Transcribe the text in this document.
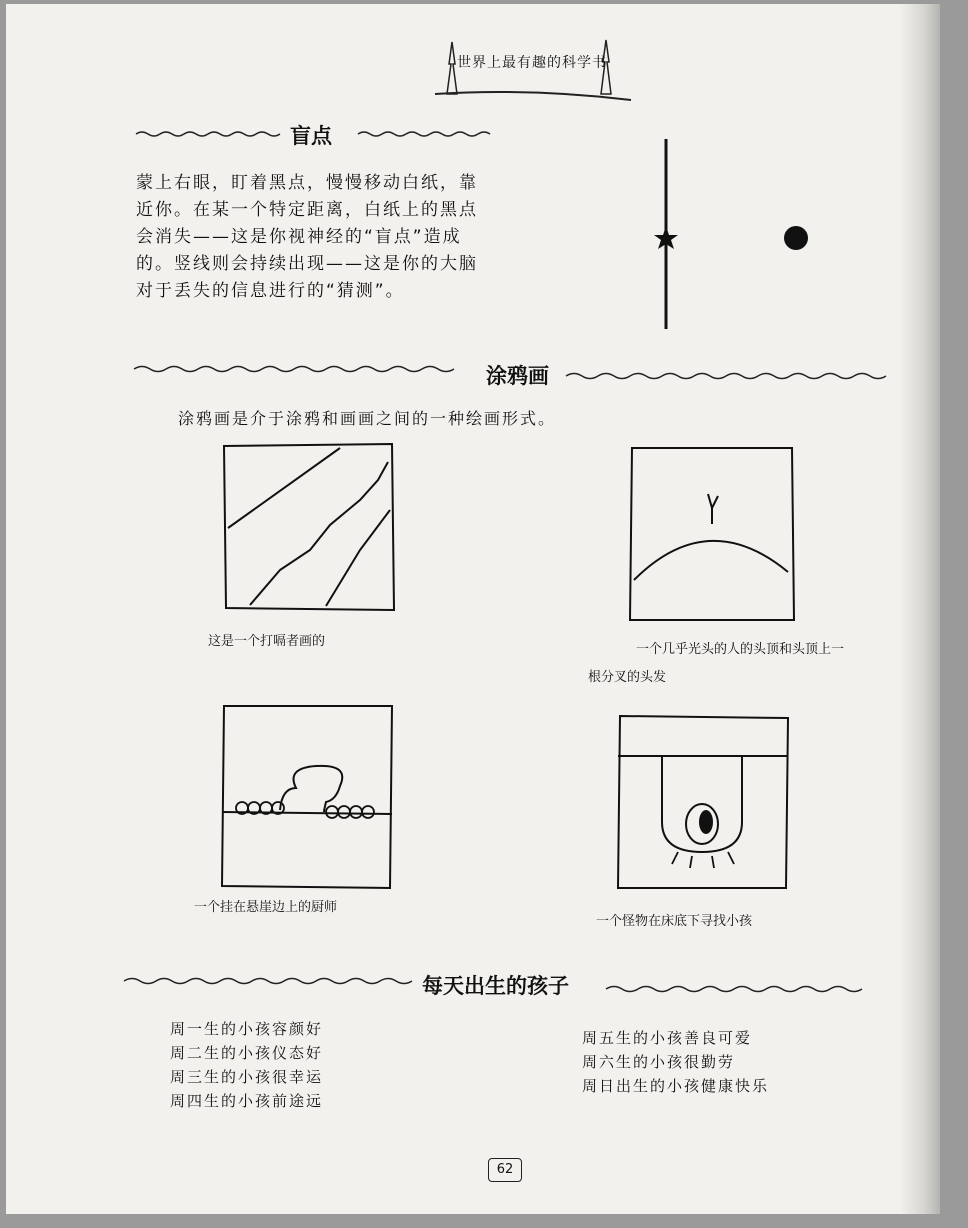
世界上最有趣的科学书
盲点
蒙上右眼，盯着黑点，慢慢移动白纸，靠近你。在某一个特定距离，白纸上的黑点会消失——这是你视神经的“盲点”造成的。竖线则会持续出现——这是你的大脑对于丢失的信息进行的“猜测”。
涂鸦画
涂鸦画是介于涂鸦和画画之间的一种绘画形式。
这是一个打嗝者画的
一个几乎光头的人的头顶和头顶上一
根分叉的头发
一个挂在悬崖边上的厨师
一个怪物在床底下寻找小孩
每天出生的孩子
周一生的小孩容颜好
周二生的小孩仪态好
周三生的小孩很幸运
周四生的小孩前途远
周五生的小孩善良可爱
周六生的小孩很勤劳
周日出生的小孩健康快乐
62
